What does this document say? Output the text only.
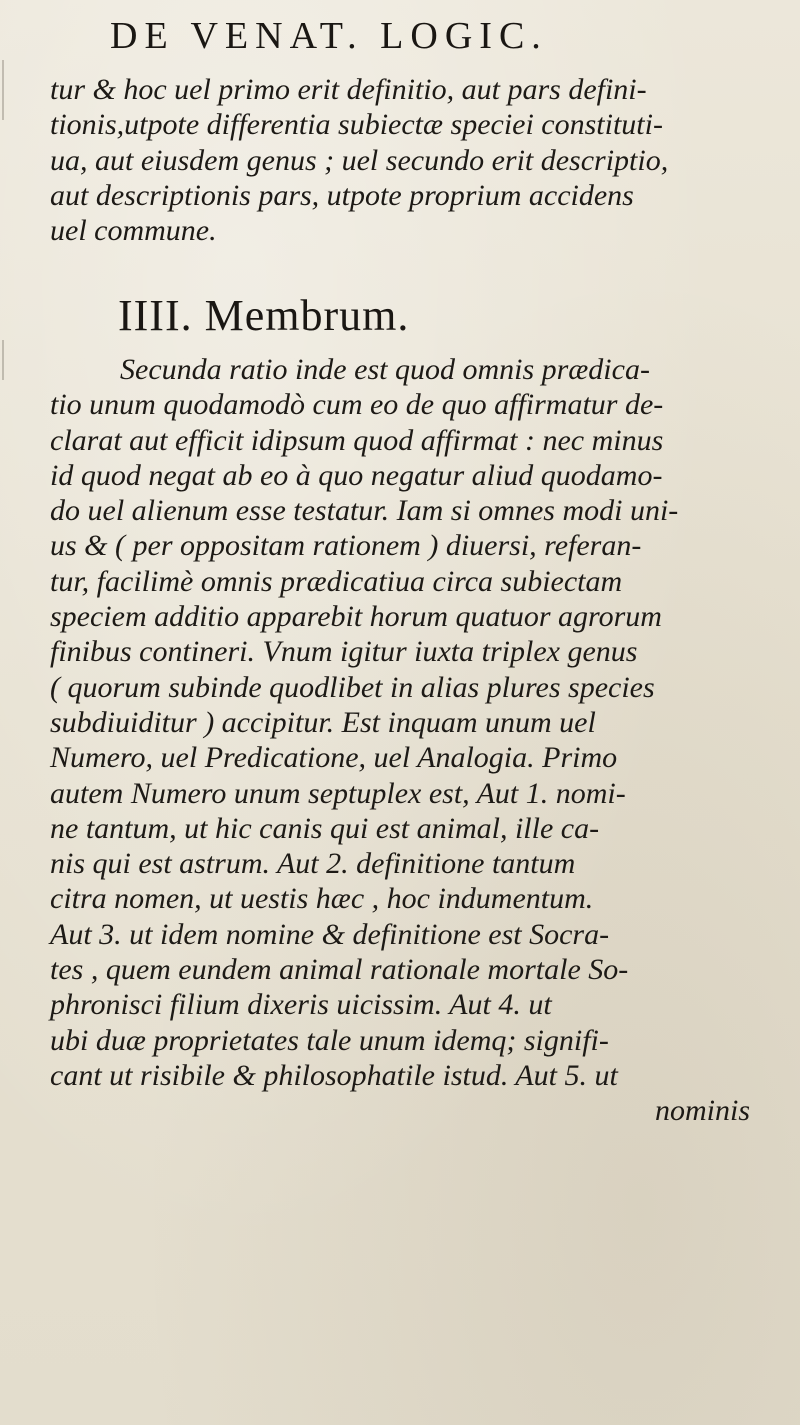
DE VENAT. LOGIC.
tur & hoc uel primo erit definitio, aut pars defini-
tionis,utpote differentia subiectæ speciei constituti-
ua, aut eiusdem genus ; uel secundo erit descriptio,
aut descriptionis pars, utpote proprium accidens
uel commune.
IIII. Membrum.
Secunda ratio inde est quod omnis prædica-
tio unum quodamodò cum eo de quo affirmatur de-
clarat aut efficit idipsum quod affirmat : nec minus
id quod negat ab eo à quo negatur aliud quodamo-
do uel alienum esse testatur. Iam si omnes modi uni-
us & ( per oppositam rationem ) diuersi, referan-
tur, facilimè omnis prædicatiua circa subiectam
speciem additio apparebit horum quatuor agrorum
finibus contineri. Vnum igitur iuxta triplex genus
( quorum subinde quodlibet in alias plures species
subdiuiditur ) accipitur. Est inquam unum uel
Numero, uel Predicatione, uel Analogia. Primo
autem Numero unum septuplex est, Aut 1. nomi-
ne tantum, ut hic canis qui est animal, ille ca-
nis qui est astrum. Aut 2. definitione tantum
citra nomen, ut uestis hæc , hoc indumentum.
Aut 3. ut idem nomine & definitione est Socra-
tes , quem eundem animal rationale mortale So-
phronisci filium dixeris uicissim. Aut 4. ut
ubi duæ proprietates tale unum idemq; signifi-
cant ut risibile & philosophatile istud. Aut 5. ut
nominis
